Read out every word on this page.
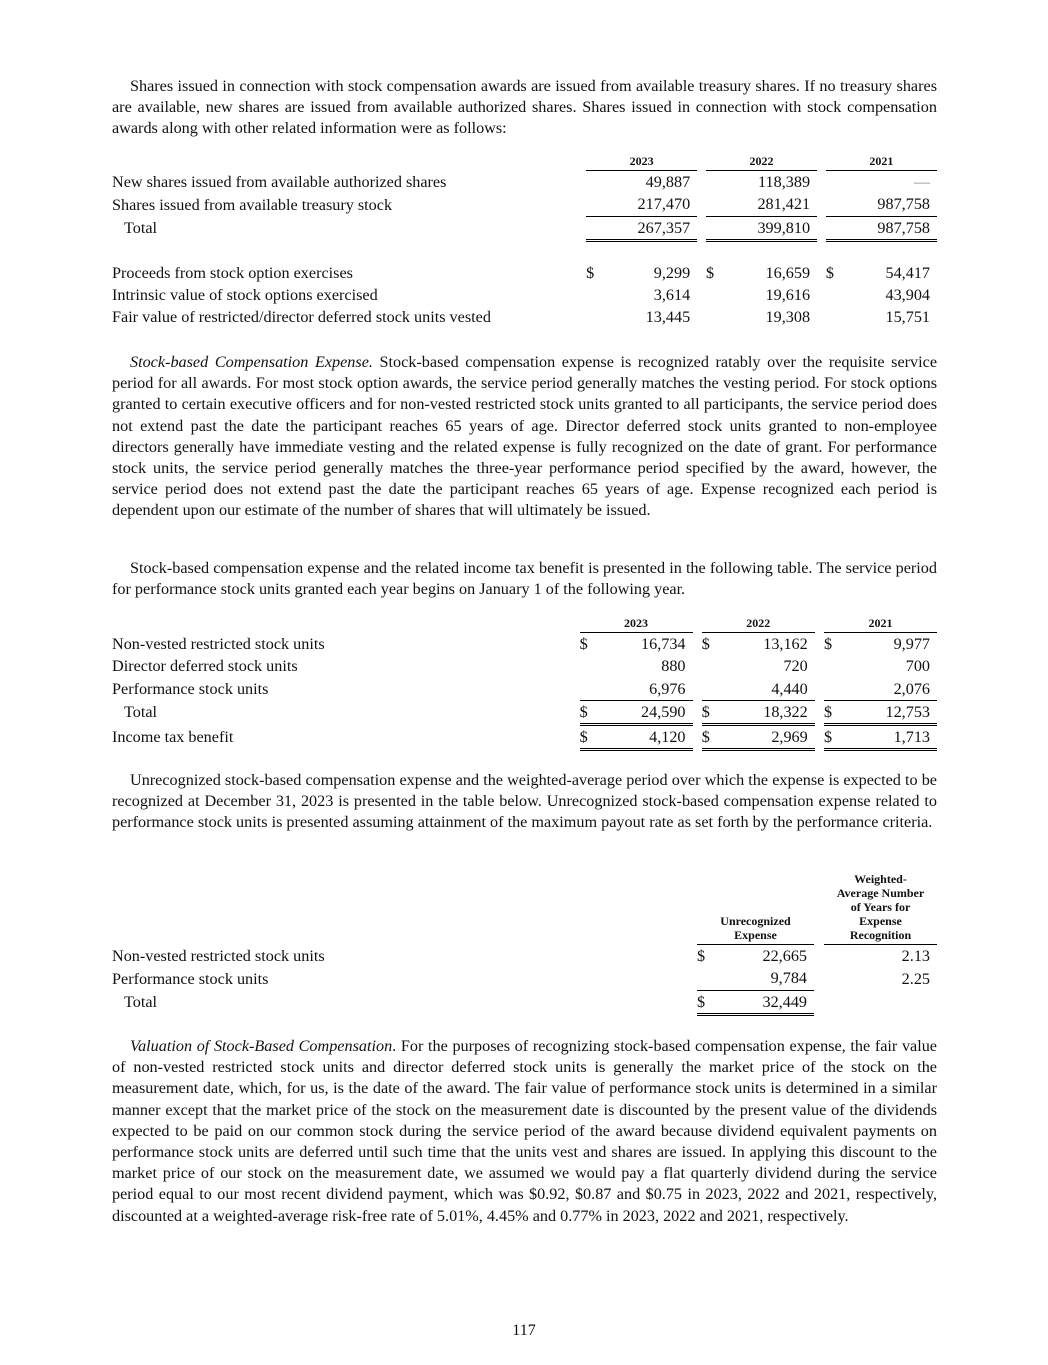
Shares issued in connection with stock compensation awards are issued from available treasury shares. If no treasury shares are available, new shares are issued from available authorized shares. Shares issued in connection with stock compensation awards along with other related information were as follows:

		2023			2022			2021	
New shares issued from available authorized shares			49,887			118,389			—
Shares issued from available treasury stock			217,470			281,421			987,758
Total			267,357			399,810			987,758

Proceeds from stock option exercises		$	9,299		$	16,659		$	54,417
Intrinsic value of stock options exercised			3,614			19,616			43,904
Fair value of restricted/director deferred stock units vested			13,445			19,308			15,751

Stock-based Compensation Expense. Stock-based compensation expense is recognized ratably over the requisite service period for all awards. For most stock option awards, the service period generally matches the vesting period. For stock options granted to certain executive officers and for non-vested restricted stock units granted to all participants, the service period does not extend past the date the participant reaches 65 years of age. Director deferred stock units granted to non-employee directors generally have immediate vesting and the related expense is fully recognized on the date of grant. For performance stock units, the service period generally matches the three-year performance period specified by the award, however, the service period does not extend past the date the participant reaches 65 years of age. Expense recognized each period is dependent upon our estimate of the number of shares that will ultimately be issued.

Stock-based compensation expense and the related income tax benefit is presented in the following table. The service period for performance stock units granted each year begins on January 1 of the following year.

		2023			2022			2021	
Non-vested restricted stock units		$	16,734		$	13,162		$	9,977
Director deferred stock units			880			720			700
Performance stock units			6,976			4,440			2,076
Total		$	24,590		$	18,322		$	12,753
Income tax benefit		$	4,120		$	2,969		$	1,713

Unrecognized stock-based compensation expense and the weighted-average period over which the expense is expected to be recognized at December 31, 2023 is presented in the table below. Unrecognized stock-based compensation expense related to performance stock units is presented assuming attainment of the maximum payout rate as set forth by the performance criteria.

Unrecognized
Expense

Weighted-
Average Number
of Years for
Expense
Recognition

Non-vested restricted stock units	$	22,665		2.13
Performance stock units		9,784		2.25
Total	$	32,449		

Valuation of Stock-Based Compensation. For the purposes of recognizing stock-based compensation expense, the fair value of non-vested restricted stock units and director deferred stock units is generally the market price of the stock on the measurement date, which, for us, is the date of the award. The fair value of performance stock units is determined in a similar manner except that the market price of the stock on the measurement date is discounted by the present value of the dividends expected to be paid on our common stock during the service period of the award because dividend equivalent payments on performance stock units are deferred until such time that the units vest and shares are issued. In applying this discount to the market price of our stock on the measurement date, we assumed we would pay a flat quarterly dividend during the service period equal to our most recent dividend payment, which was $0.92, $0.87 and $0.75 in 2023, 2022 and 2021, respectively, discounted at a weighted-average risk-free rate of 5.01%, 4.45% and 0.77% in 2023, 2022 and 2021, respectively.

117
